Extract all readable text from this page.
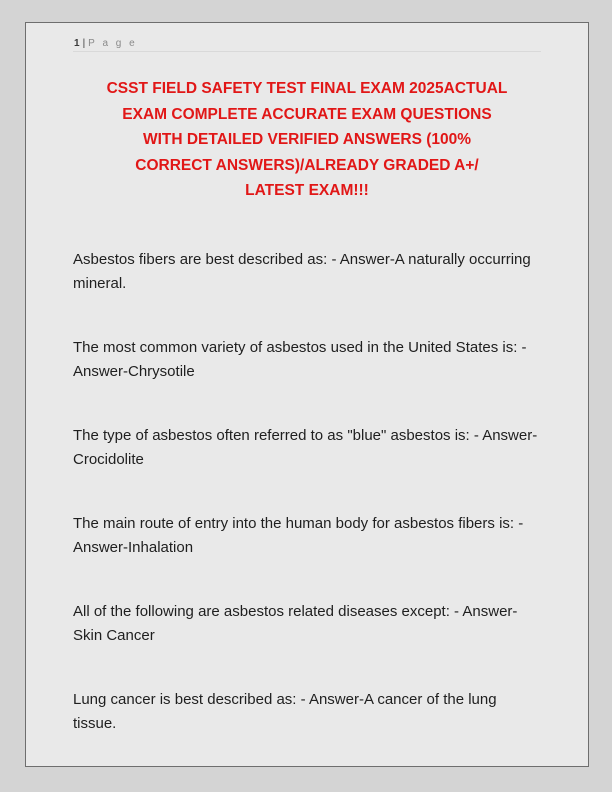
1 | P a g e
CSST FIELD SAFETY TEST FINAL EXAM 2025ACTUAL
EXAM COMPLETE ACCURATE EXAM QUESTIONS
WITH DETAILED VERIFIED ANSWERS (100%
CORRECT ANSWERS)/ALREADY GRADED A+/
LATEST EXAM!!!

Asbestos fibers are best described as: - Answer-A naturally occurring mineral.

The most common variety of asbestos used in the United States is: - Answer-Chrysotile

The type of asbestos often referred to as "blue" asbestos is: - Answer-Crocidolite

The main route of entry into the human body for asbestos fibers is: - Answer-Inhalation

All of the following are asbestos related diseases except: - Answer-Skin Cancer

Lung cancer is best described as: - Answer-A cancer of the lung tissue.
